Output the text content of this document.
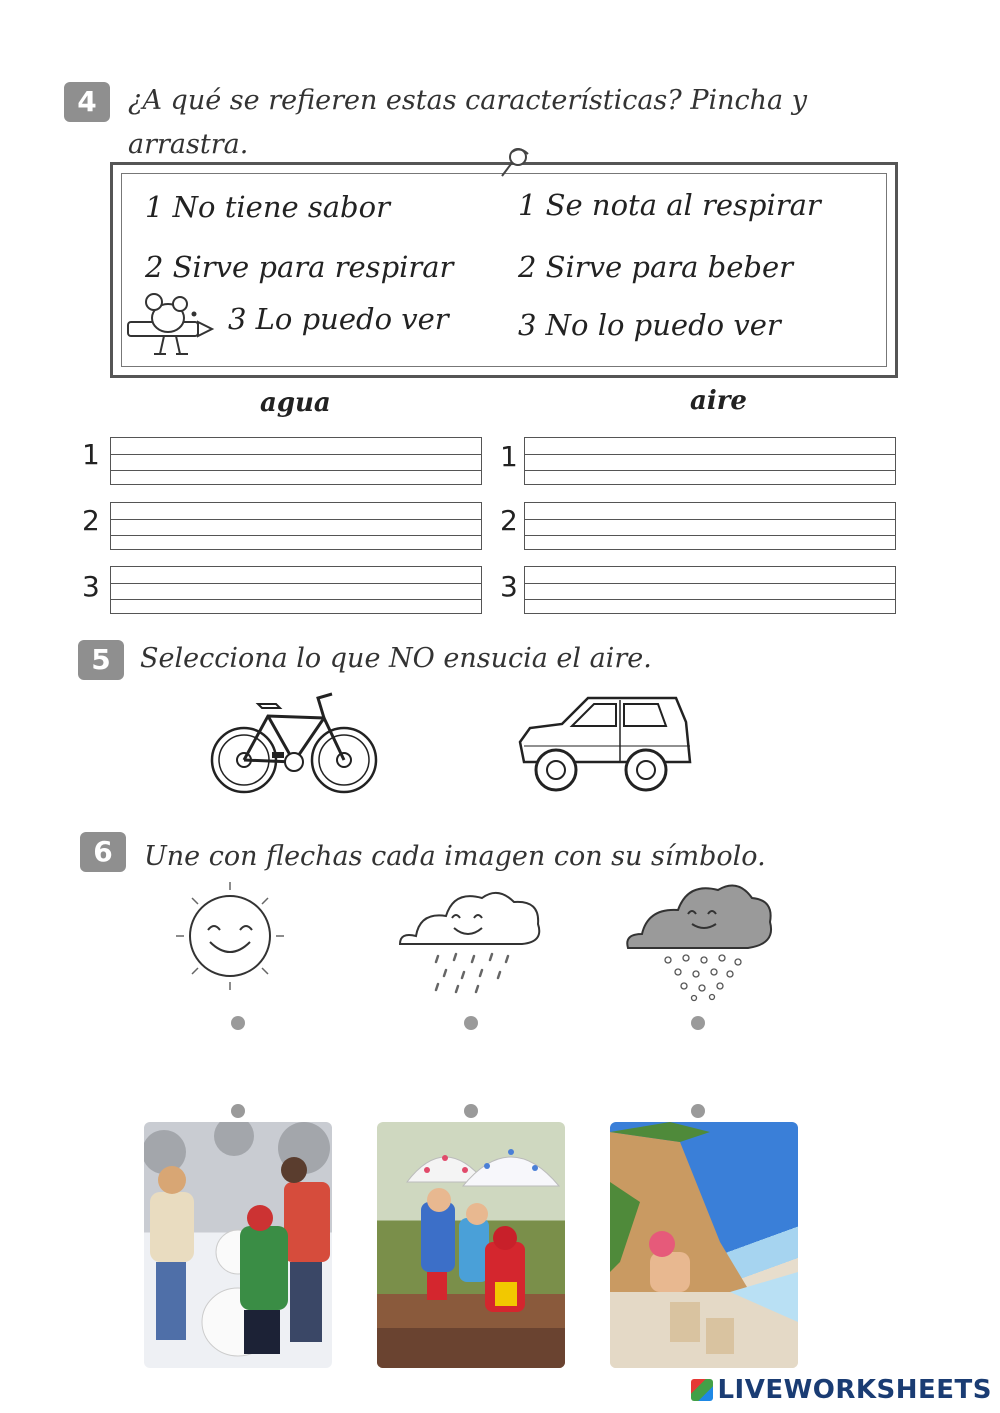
4	¿A qué se refieren estas características? Pincha y
arrastra.
1 No tiene sabor
2 Sirve para respirar
3 Lo puedo ver
1 Se nota al respirar
2 Sirve para beber
3 No lo puedo ver
agua	aire
1
2
3
1
2
3
5	Selecciona lo que NO ensucia el aire.
6	Une con flechas cada imagen con su símbolo.
LIVEWORKSHEETS
